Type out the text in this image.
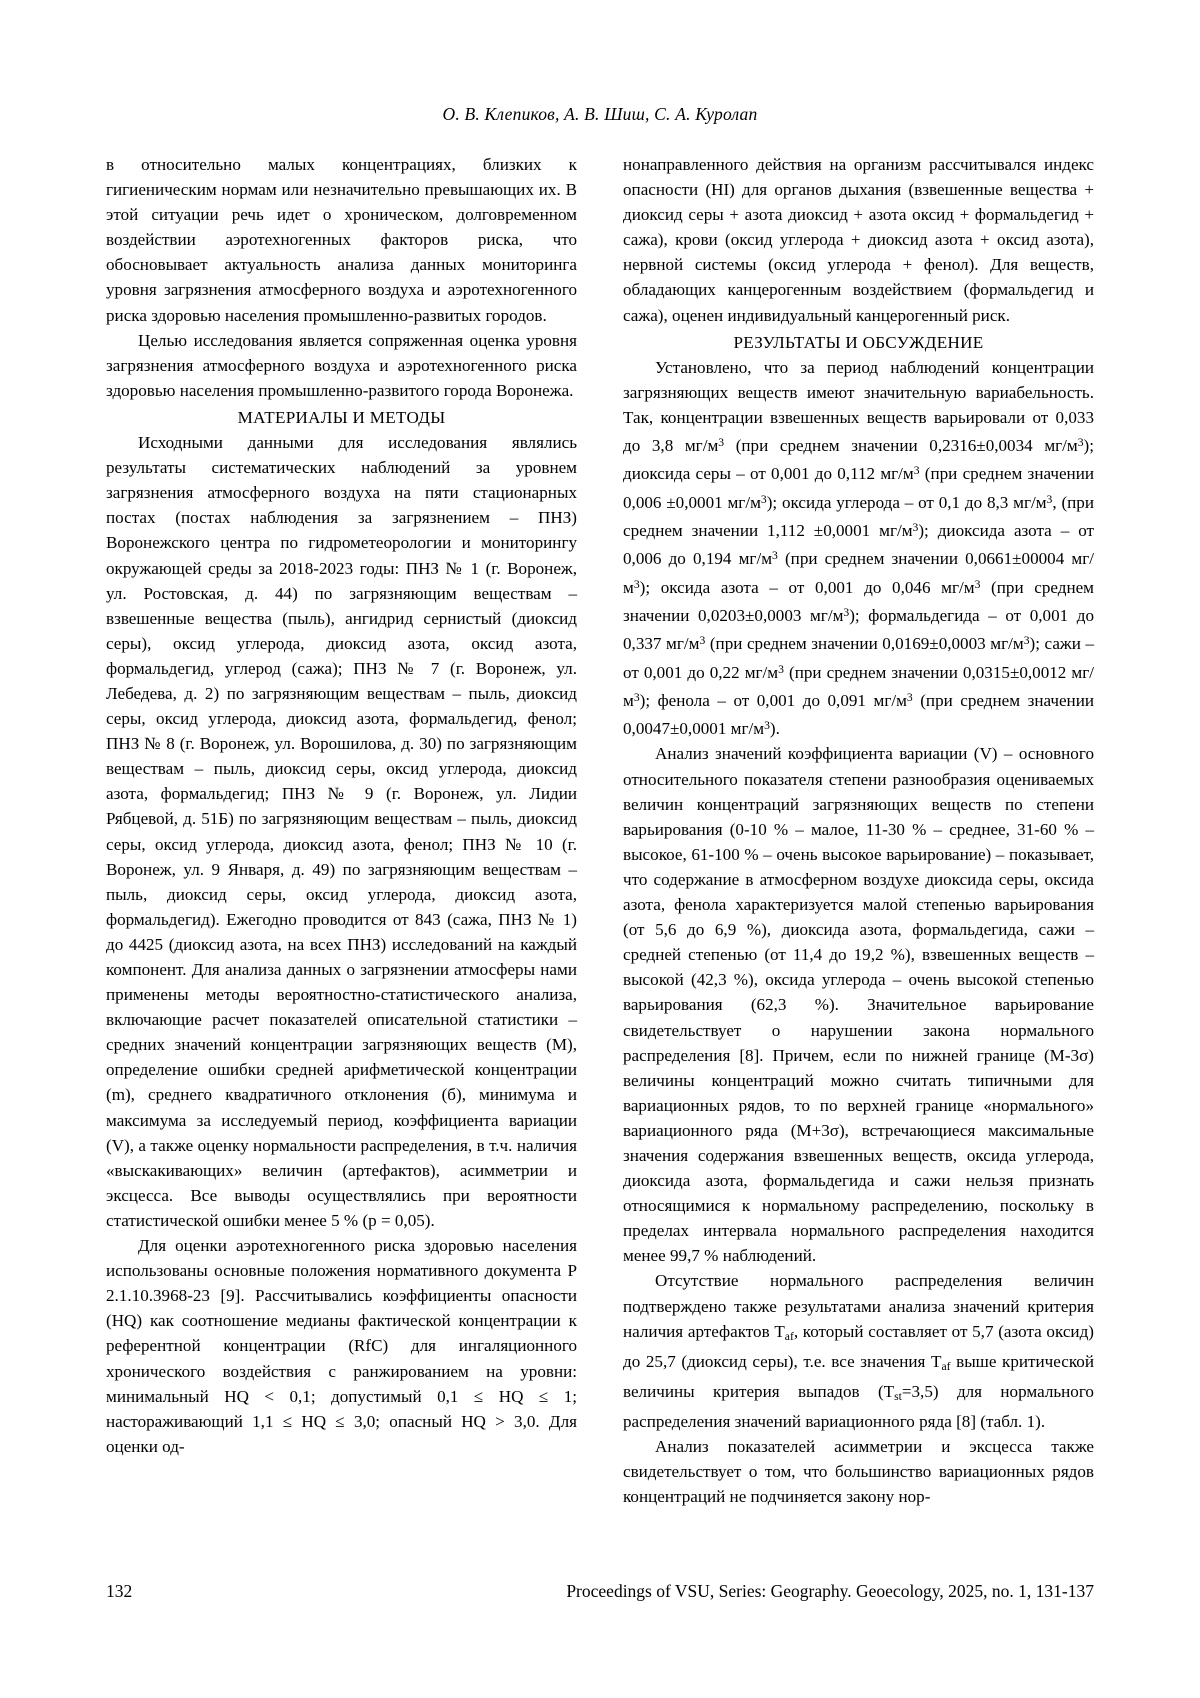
О. В. Клепиков, А. В. Шиш, С. А. Куролап

в относительно малых концентрациях, близких к гигиеническим нормам или незначительно превышающих их. В этой ситуации речь идет о хроническом, долговременном воздействии аэротехногенных факторов риска, что обосновывает актуальность анализа данных мониторинга уровня загрязнения атмосферного воздуха и аэротехногенного риска здоровью населения промышленно-развитых городов.

Целью исследования является сопряженная оценка уровня загрязнения атмосферного воздуха и аэротехногенного риска здоровью населения промышленно-развитого города Воронежа.

МАТЕРИАЛЫ И МЕТОДЫ

Исходными данными для исследования являлись результаты систематических наблюдений за уровнем загрязнения атмосферного воздуха на пяти стационарных постах (постах наблюдения за загрязнением – ПНЗ) Воронежского центра по гидрометеорологии и мониторингу окружающей среды за 2018-2023 годы: ПНЗ № 1 (г. Воронеж, ул. Ростовская, д. 44) по загрязняющим веществам – взвешенные вещества (пыль), ангидрид сернистый (диоксид серы), оксид углерода, диоксид азота, оксид азота, формальдегид, углерод (сажа); ПНЗ № 7 (г. Воронеж, ул. Лебедева, д. 2) по загрязняющим веществам – пыль, диоксид серы, оксид углерода, диоксид азота, формальдегид, фенол; ПНЗ № 8 (г. Воронеж, ул. Ворошилова, д. 30) по загрязняющим веществам – пыль, диоксид серы, оксид углерода, диоксид азота, формальдегид; ПНЗ № 9 (г. Воронеж, ул. Лидии Рябцевой, д. 51Б) по загрязняющим веществам – пыль, диоксид серы, оксид углерода, диоксид азота, фенол; ПНЗ № 10 (г. Воронеж, ул. 9 Января, д. 49) по загрязняющим веществам – пыль, диоксид серы, оксид углерода, диоксид азота, формальдегид). Ежегодно проводится от 843 (сажа, ПНЗ № 1) до 4425 (диоксид азота, на всех ПНЗ) исследований на каждый компонент. Для анализа данных о загрязнении атмосферы нами применены методы вероятностно-статистического анализа, включающие расчет показателей описательной статистики – средних значений концентрации загрязняющих веществ (М), определение ошибки средней арифметической концентрации (m), среднего квадратичного отклонения (б), минимума и максимума за исследуемый период, коэффициента вариации (V), а также оценку нормальности распределения, в т.ч. наличия «выскакивающих» величин (артефактов), асимметрии и эксцесса. Все выводы осуществлялись при вероятности статистической ошибки менее 5 % (р = 0,05).

Для оценки аэротехногенного риска здоровью населения использованы основные положения нормативного документа Р 2.1.10.3968-23 [9]. Рассчитывались коэффициенты опасности (HQ) как соотношение медианы фактической концентрации к референтной концентрации (RfC) для ингаляционного хронического воздействия с ранжированием на уровни: минимальный HQ < 0,1; допустимый 0,1 ≤ HQ ≤ 1; настораживающий 1,1 ≤ HQ ≤ 3,0; опасный HQ > 3,0. Для оценки од-

нонаправленного действия на организм рассчитывался индекс опасности (HI) для органов дыхания (взвешенные вещества + диоксид серы + азота диоксид + азота оксид + формальдегид + сажа), крови (оксид углерода + диоксид азота + оксид азота), нервной системы (оксид углерода + фенол). Для веществ, обладающих канцерогенным воздействием (формальдегид и сажа), оценен индивидуальный канцерогенный риск.

РЕЗУЛЬТАТЫ И ОБСУЖДЕНИЕ

Установлено, что за период наблюдений концентрации загрязняющих веществ имеют значительную вариабельность. Так, концентрации взвешенных веществ варьировали от 0,033 до 3,8 $мг/м^3$ (при среднем значении 0,2316±0,0034 $мг/м^3$); диоксида серы – от 0,001 до 0,112 $мг/м^3$ (при среднем значении 0,006 ±0,0001 $мг/м^3$); оксида углерода – от 0,1 до 8,3 $мг/м^3$, (при среднем значении 1,112 ±0,0001 $мг/м^3$); диоксида азота – от 0,006 до 0,194 $мг/м^3$ (при среднем значении 0,0661±00004 $мг/м^3$); оксида азота – от 0,001 до 0,046 $мг/м^3$ (при среднем значении 0,0203±0,0003 $мг/м^3$); формальдегида – от 0,001 до 0,337 $мг/м^3$ (при среднем значении 0,0169±0,0003 $мг/м^3$); сажи – от 0,001 до 0,22 $мг/м^3$ (при среднем значении 0,0315±0,0012 $мг/м^3$); фенола – от 0,001 до 0,091 $мг/м^3$ (при среднем значении 0,0047±0,0001 $мг/м^3$).

Анализ значений коэффициента вариации (V) – основного относительного показателя степени разнообразия оцениваемых величин концентраций загрязняющих веществ по степени варьирования (0-10 % – малое, 11-30 % – среднее, 31-60 % – высокое, 61-100 % – очень высокое варьирование) – показывает, что содержание в атмосферном воздухе диоксида серы, оксида азота, фенола характеризуется малой степенью варьирования (от 5,6 до 6,9 %), диоксида азота, формальдегида, сажи – средней степенью (от 11,4 до 19,2 %), взвешенных веществ – высокой (42,3 %), оксида углерода – очень высокой степенью варьирования (62,3 %). Значительное варьирование свидетельствует о нарушении закона нормального распределения [8]. Причем, если по нижней границе (М-3σ) величины концентраций можно считать типичными для вариационных рядов, то по верхней границе «нормального» вариационного ряда (М+3σ), встречающиеся максимальные значения содержания взвешенных веществ, оксида углерода, диоксида азота, формальдегида и сажи нельзя признать относящимися к нормальному распределению, поскольку в пределах интервала нормального распределения находится менее 99,7 % наблюдений.

Отсутствие нормального распределения величин подтверждено также результатами анализа значений критерия наличия артефактов $Т_{af}$, который составляет от 5,7 (азота оксид) до 25,7 (диоксид серы), т.е. все значения $Т_{af}$ выше критической величины критерия выпадов $(Т_{st}=3,5)$ для нормального распределения значений вариационного ряда [8] (табл. 1).

Анализ показателей асимметрии и эксцесса также свидетельствует о том, что большинство вариационных рядов концентраций не подчиняется закону нор-

132	Proceedings of VSU, Series: Geography. Geoecology, 2025, no. 1, 131-137
